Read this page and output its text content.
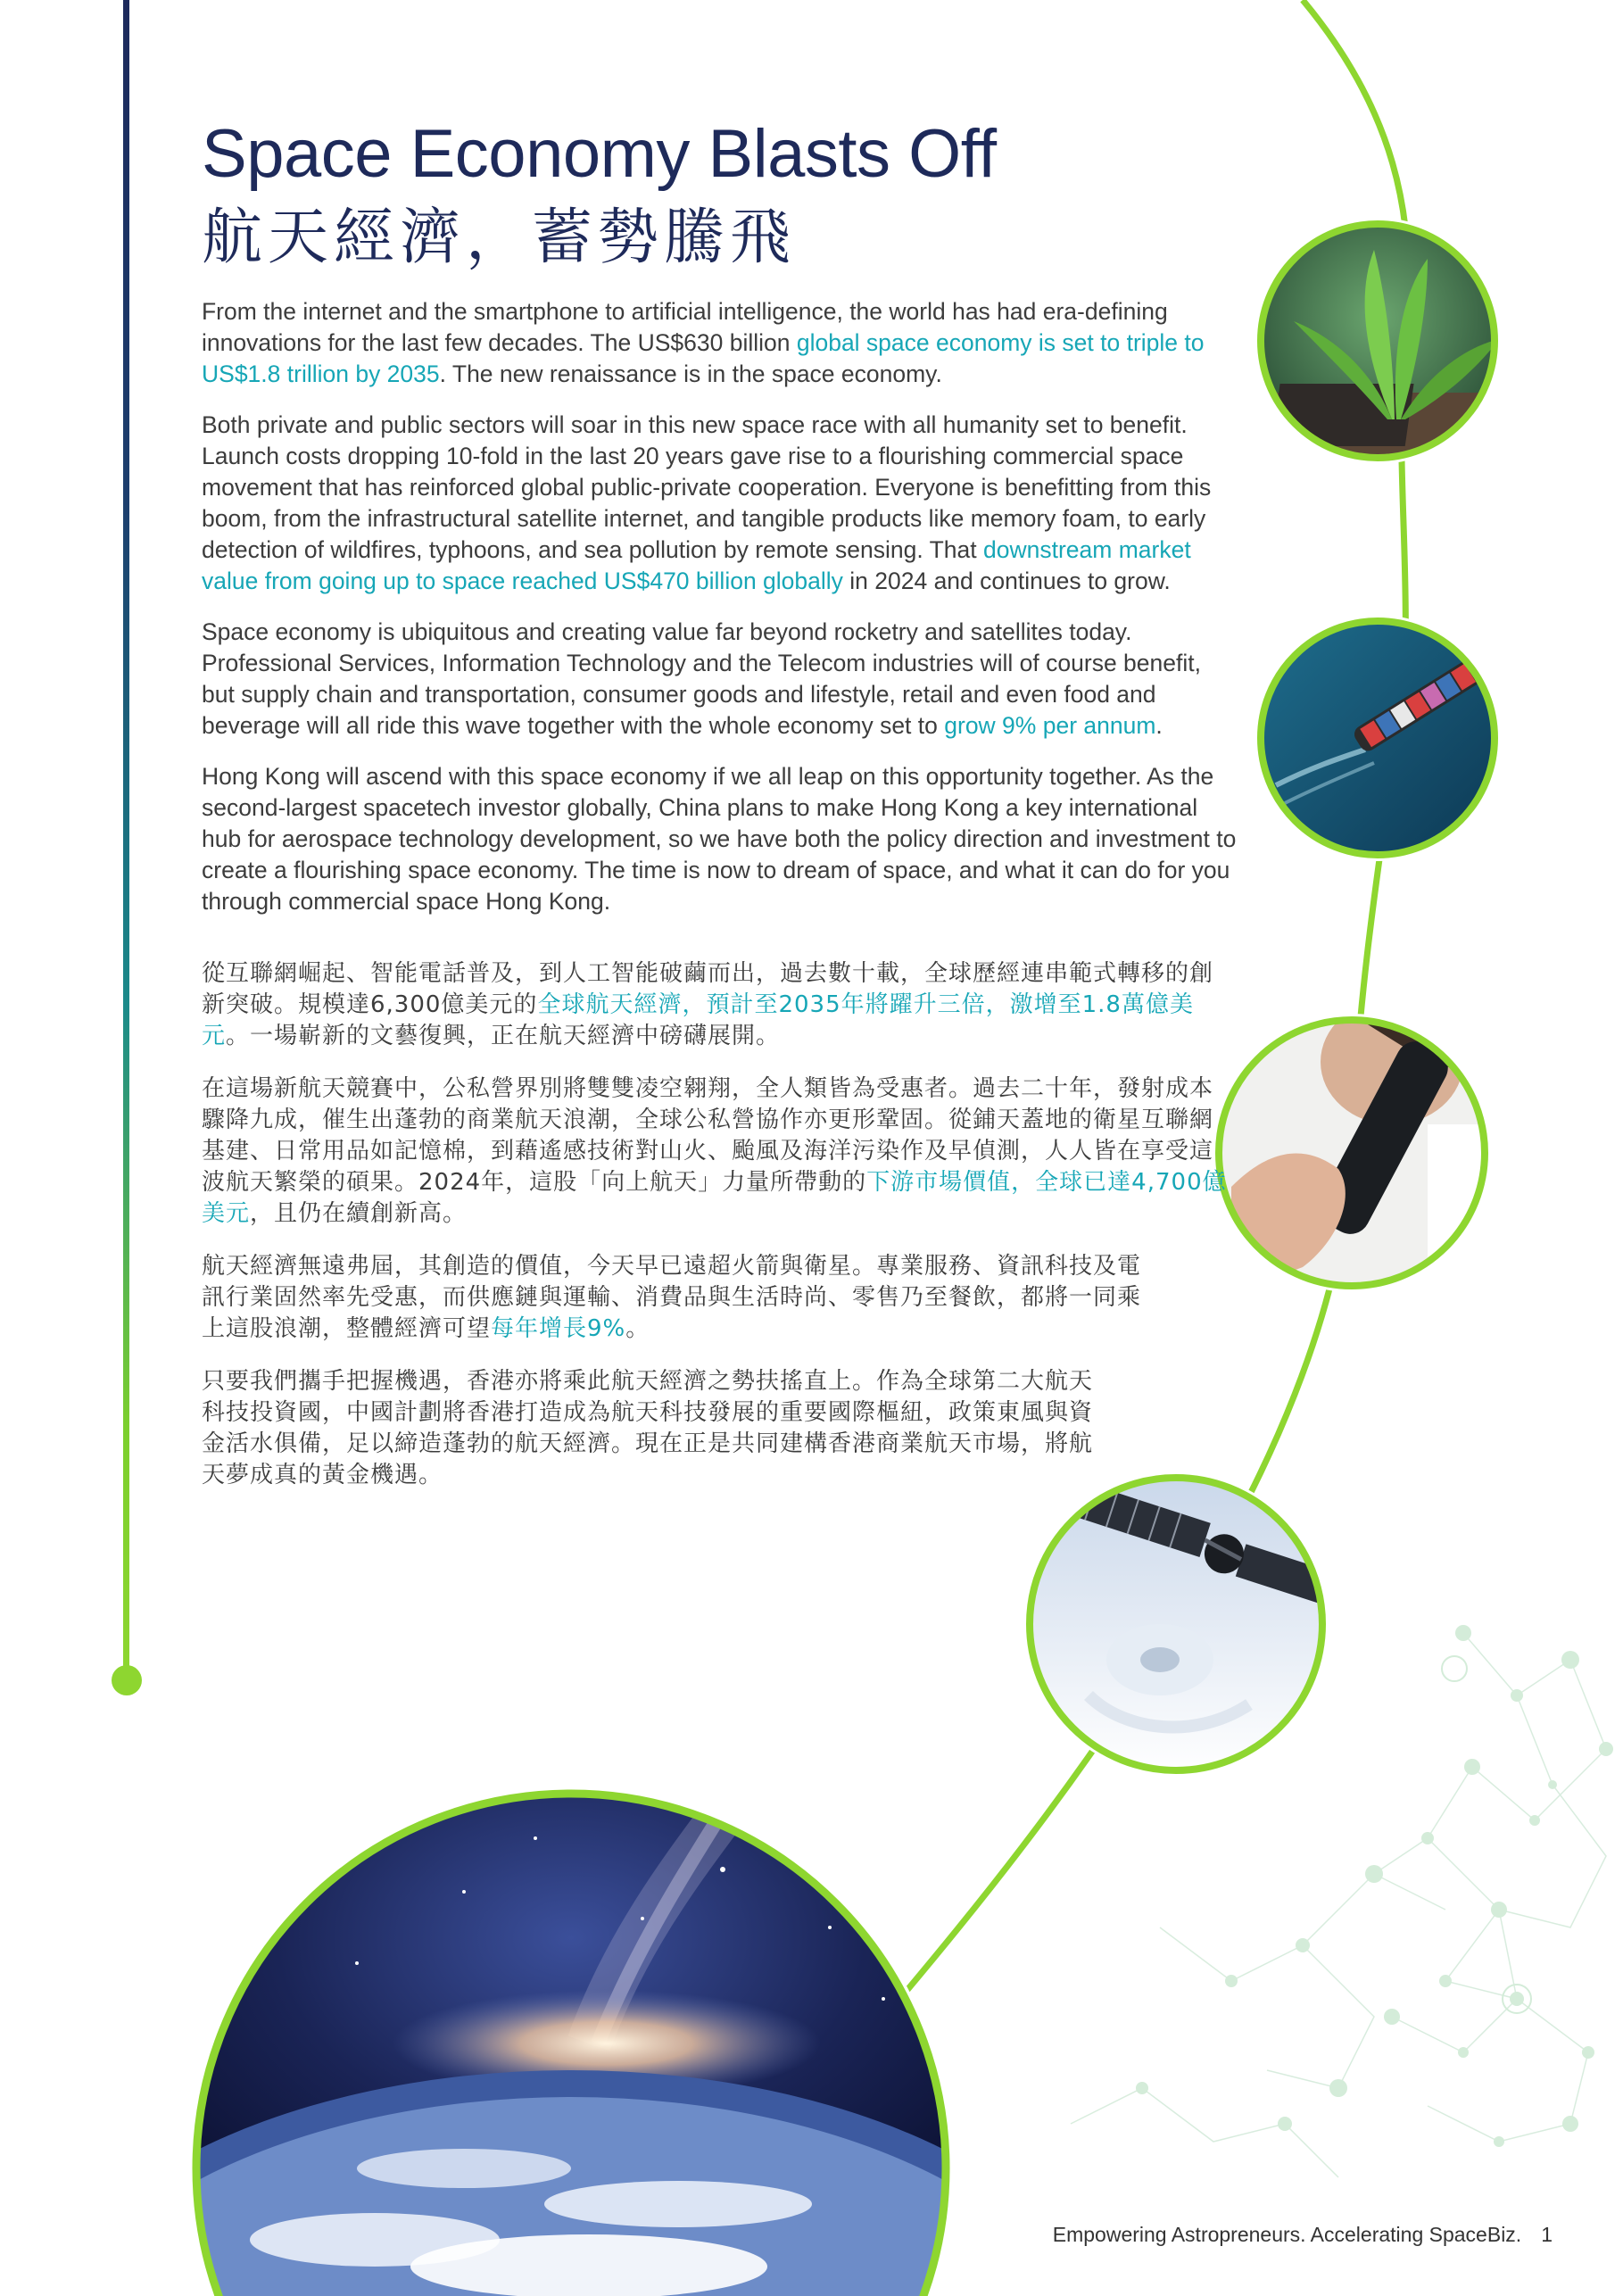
Space Economy Blasts Off
航天經濟，蓄勢騰飛

From the internet and the smartphone to artificial intelligence, the world has had era-defining innovations for the last few decades. The US$630 billion global space economy is set to triple to US$1.8 trillion by 2035. The new renaissance is in the space economy.

Both private and public sectors will soar in this new space race with all humanity set to benefit. Launch costs dropping 10-fold in the last 20 years gave rise to a flourishing commercial space movement that has reinforced global public-private cooperation. Everyone is benefitting from this boom, from the infrastructural satellite internet, and tangible products like memory foam, to early detection of wildfires, typhoons, and sea pollution by remote sensing. That downstream market value from going up to space reached US$470 billion globally in 2024 and continues to grow.

Space economy is ubiquitous and creating value far beyond rocketry and satellites today. Professional Services, Information Technology and the Telecom industries will of course benefit, but supply chain and transportation, consumer goods and lifestyle, retail and even food and beverage will all ride this wave together with the whole economy set to grow 9% per annum.

Hong Kong will ascend with this space economy if we all leap on this opportunity together. As the second-largest spacetech investor globally, China plans to make Hong Kong a key international hub for aerospace technology development, so we have both the policy direction and investment to create a flourishing space economy. The time is now to dream of space, and what it can do for you through commercial space Hong Kong.

從互聯網崛起、智能電話普及，到人工智能破繭而出，過去數十載，全球歷經連串範式轉移的創新突破。規模達6,300億美元的全球航天經濟，預計至2035年將躍升三倍，激增至1.8萬億美元。一場嶄新的文藝復興，正在航天經濟中磅礴展開。

在這場新航天競賽中，公私營界別將雙雙凌空翱翔，全人類皆為受惠者。過去二十年，發射成本驟降九成，催生出蓬勃的商業航天浪潮，全球公私營協作亦更形鞏固。從鋪天蓋地的衛星互聯網基建、日常用品如記憶棉，到藉遙感技術對山火、颱風及海洋污染作及早偵測，人人皆在享受這波航天繁榮的碩果。2024年，這股「向上航天」力量所帶動的下游市場價值，全球已達4,700億美元，且仍在續創新高。

航天經濟無遠弗屆，其創造的價值，今天早已遠超火箭與衛星。專業服務、資訊科技及電訊行業固然率先受惠，而供應鏈與運輸、消費品與生活時尚、零售乃至餐飲，都將一同乘上這股浪潮，整體經濟可望每年增長9%。

只要我們攜手把握機遇，香港亦將乘此航天經濟之勢扶搖直上。作為全球第二大航天科技投資國，中國計劃將香港打造成為航天科技發展的重要國際樞紐，政策東風與資金活水俱備，足以締造蓬勃的航天經濟。現在正是共同建構香港商業航天市場，將航天夢成真的黃金機遇。

Empowering Astropreneurs. Accelerating SpaceBiz. 1
